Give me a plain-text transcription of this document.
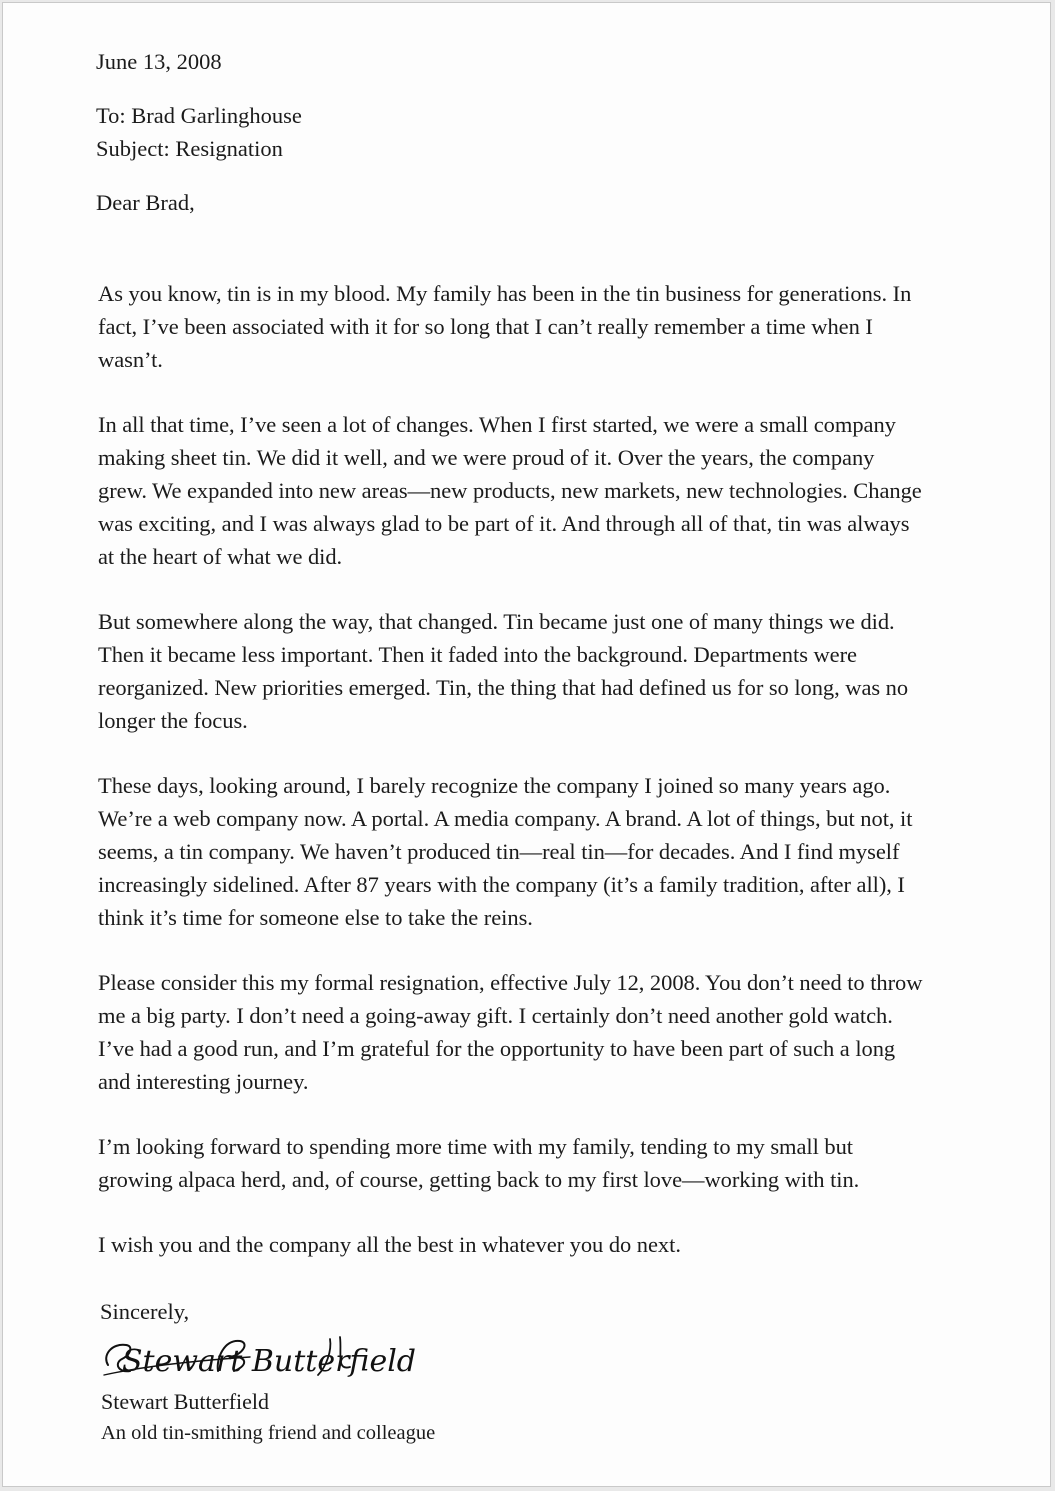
June 13, 2008

To: Brad Garlinghouse

Subject: Resignation

Dear Brad,

As you know, tin is in my blood. My family has been in the tin business for generations. In fact, I’ve been associated with it for so long that I can’t really remember a time when I wasn’t.

In all that time, I’ve seen a lot of changes. When I first started, we were a small company making sheet tin. We did it well, and we were proud of it. Over the years, the company grew. We expanded into new areas—new products, new markets, new technologies. Change was exciting, and I was always glad to be part of it. And through all of that, tin was always at the heart of what we did.

But somewhere along the way, that changed. Tin became just one of many things we did. Then it became less important. Then it faded into the background. Departments were reorganized. New priorities emerged. Tin, the thing that had defined us for so long, was no longer the focus.

These days, looking around, I barely recognize the company I joined so many years ago. We’re a web company now. A portal. A media company. A brand. A lot of things, but not, it seems, a tin company. We haven’t produced tin—real tin—for decades. And I find myself increasingly sidelined. After 87 years with the company (it’s a family tradition, after all), I think it’s time for someone else to take the reins.

Please consider this my formal resignation, effective July 12, 2008. You don’t need to throw me a big party. I don’t need a going-away gift. I certainly don’t need another gold watch. I’ve had a good run, and I’m grateful for the opportunity to have been part of such a long and interesting journey.

I’m looking forward to spending more time with my family, tending to my small but growing alpaca herd, and, of course, getting back to my first love—working with tin.

I wish you and the company all the best in whatever you do next.

Sincerely,

Stewart Butterfield

Stewart Butterfield

An old tin-smithing friend and colleague
